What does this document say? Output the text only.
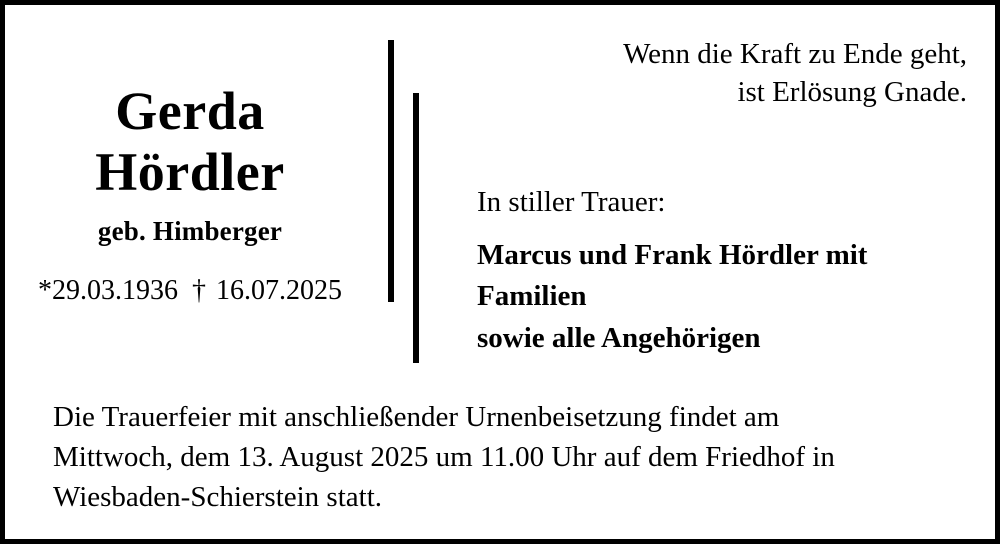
Gerda
Hördler
geb. Himberger
*29.03.1936 † 16.07.2025
Wenn die Kraft zu Ende geht,
ist Erlösung Gnade.
In stiller Trauer:
Marcus und Frank Hördler mit
Familien
sowie alle Angehörigen
Die Trauerfeier mit anschließender Urnenbeisetzung findet am
Mittwoch, dem 13. August 2025 um 11.00 Uhr auf dem Friedhof in
Wiesbaden-Schierstein statt.
